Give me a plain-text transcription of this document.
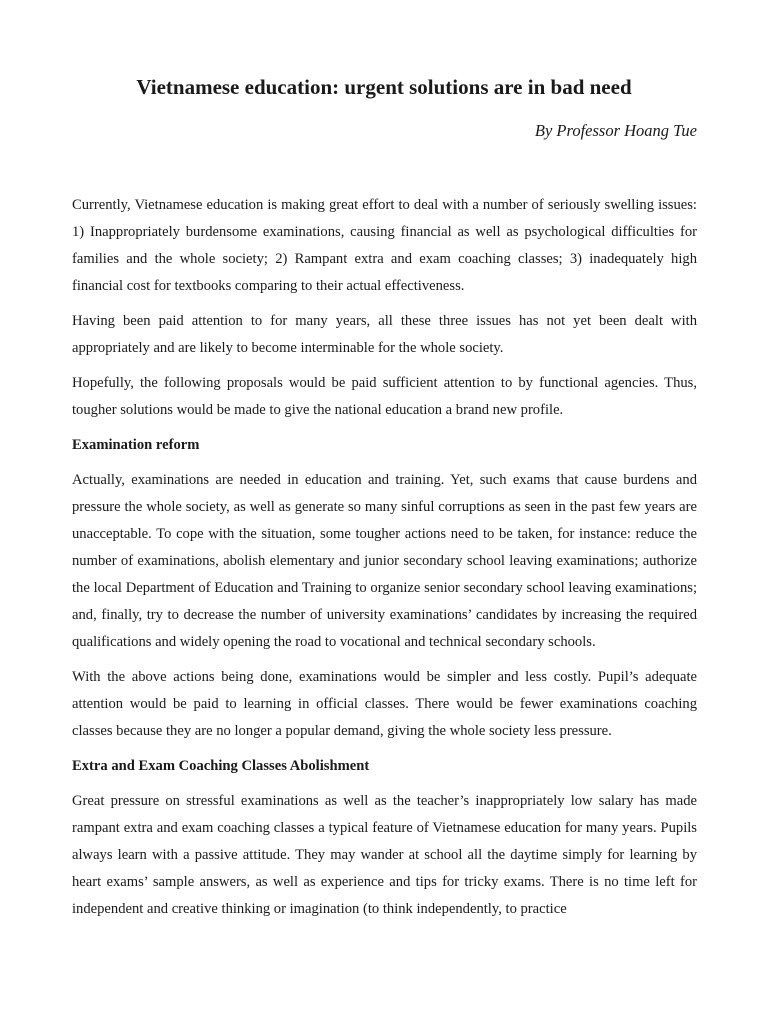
Vietnamese education: urgent solutions are in bad need
By Professor Hoang Tue

Currently, Vietnamese education is making great effort to deal with a number of seriously swelling issues: 1) Inappropriately burdensome examinations, causing financial as well as psychological difficulties for families and the whole society; 2) Rampant extra and exam coaching classes; 3) inadequately high financial cost for textbooks comparing to their actual effectiveness.

Having been paid attention to for many years, all these three issues has not yet been dealt with appropriately and are likely to become interminable for the whole society.

Hopefully, the following proposals would be paid sufficient attention to by functional agencies. Thus, tougher solutions would be made to give the national education a brand new profile.

Examination reform

Actually, examinations are needed in education and training. Yet, such exams that cause burdens and pressure the whole society, as well as generate so many sinful corruptions as seen in the past few years are unacceptable. To cope with the situation, some tougher actions need to be taken, for instance: reduce the number of examinations, abolish elementary and junior secondary school leaving examinations; authorize the local Department of Education and Training to organize senior secondary school leaving examinations; and, finally, try to decrease the number of university examinations’ candidates by increasing the required qualifications and widely opening the road to vocational and technical secondary schools.

With the above actions being done, examinations would be simpler and less costly. Pupil’s adequate attention would be paid to learning in official classes. There would be fewer examinations coaching classes because they are no longer a popular demand, giving the whole society less pressure.

Extra and Exam Coaching Classes Abolishment

Great pressure on stressful examinations as well as the teacher’s inappropriately low salary has made rampant extra and exam coaching classes a typical feature of Vietnamese education for many years. Pupils always learn with a passive attitude. They may wander at school all the daytime simply for learning by heart exams’ sample answers, as well as experience and tips for tricky exams. There is no time left for independent and creative thinking or imagination (to think independently, to practice
